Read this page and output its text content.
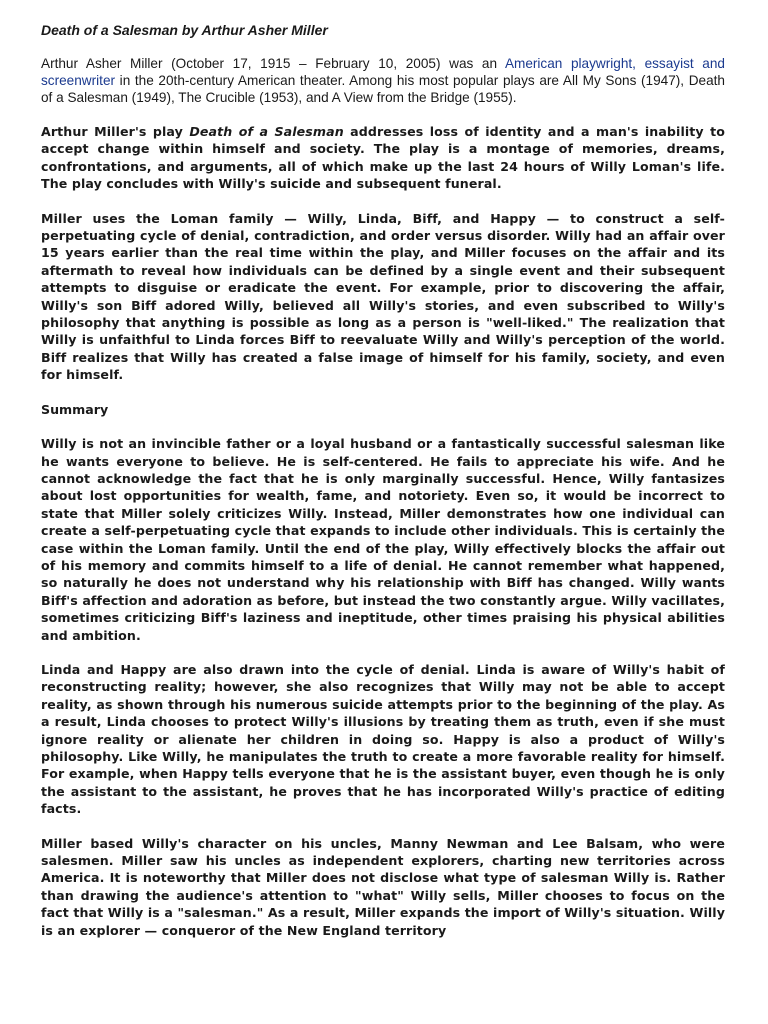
Death of a Salesman by Arthur Asher Miller

Arthur Asher Miller (October 17, 1915 – February 10, 2005) was an American playwright, essayist and screenwriter in the 20th-century American theater. Among his most popular plays are All My Sons (1947), Death of a Salesman (1949), The Crucible (1953), and A View from the Bridge (1955).

Arthur Miller's play Death of a Salesman addresses loss of identity and a man's inability to accept change within himself and society. The play is a montage of memories, dreams, confrontations, and arguments, all of which make up the last 24 hours of Willy Loman's life. The play concludes with Willy's suicide and subsequent funeral.

Miller uses the Loman family — Willy, Linda, Biff, and Happy — to construct a self-perpetuating cycle of denial, contradiction, and order versus disorder. Willy had an affair over 15 years earlier than the real time within the play, and Miller focuses on the affair and its aftermath to reveal how individuals can be defined by a single event and their subsequent attempts to disguise or eradicate the event. For example, prior to discovering the affair, Willy's son Biff adored Willy, believed all Willy's stories, and even subscribed to Willy's philosophy that anything is possible as long as a person is "well-liked." The realization that Willy is unfaithful to Linda forces Biff to reevaluate Willy and Willy's perception of the world. Biff realizes that Willy has created a false image of himself for his family, society, and even for himself.

Summary

Willy is not an invincible father or a loyal husband or a fantastically successful salesman like he wants everyone to believe. He is self-centered. He fails to appreciate his wife. And he cannot acknowledge the fact that he is only marginally successful. Hence, Willy fantasizes about lost opportunities for wealth, fame, and notoriety. Even so, it would be incorrect to state that Miller solely criticizes Willy. Instead, Miller demonstrates how one individual can create a self-perpetuating cycle that expands to include other individuals. This is certainly the case within the Loman family. Until the end of the play, Willy effectively blocks the affair out of his memory and commits himself to a life of denial. He cannot remember what happened, so naturally he does not understand why his relationship with Biff has changed. Willy wants Biff's affection and adoration as before, but instead the two constantly argue. Willy vacillates, sometimes criticizing Biff's laziness and ineptitude, other times praising his physical abilities and ambition.

Linda and Happy are also drawn into the cycle of denial. Linda is aware of Willy's habit of reconstructing reality; however, she also recognizes that Willy may not be able to accept reality, as shown through his numerous suicide attempts prior to the beginning of the play. As a result, Linda chooses to protect Willy's illusions by treating them as truth, even if she must ignore reality or alienate her children in doing so. Happy is also a product of Willy's philosophy. Like Willy, he manipulates the truth to create a more favorable reality for himself. For example, when Happy tells everyone that he is the assistant buyer, even though he is only the assistant to the assistant, he proves that he has incorporated Willy's practice of editing facts.

Miller based Willy's character on his uncles, Manny Newman and Lee Balsam, who were salesmen. Miller saw his uncles as independent explorers, charting new territories across America. It is noteworthy that Miller does not disclose what type of salesman Willy is. Rather than drawing the audience's attention to "what" Willy sells, Miller chooses to focus on the fact that Willy is a "salesman." As a result, Miller expands the import of Willy's situation. Willy is an explorer — conqueror of the New England territory
